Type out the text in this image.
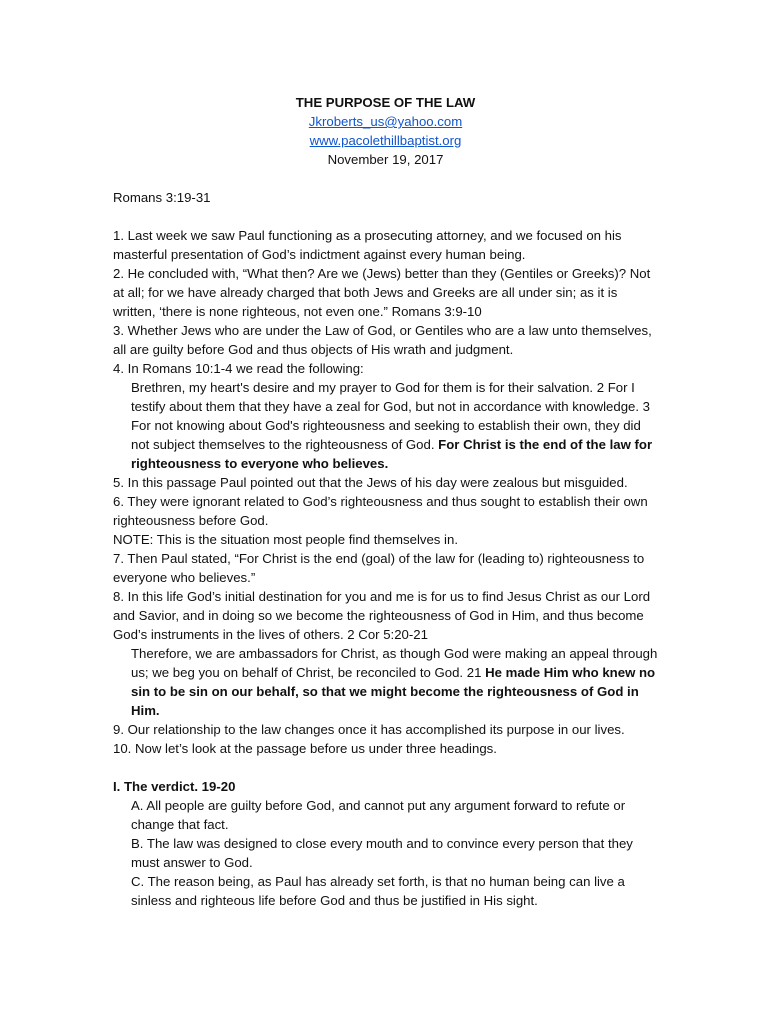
THE PURPOSE OF THE LAW

Jkroberts_us@yahoo.com

www.pacolethillbaptist.org

November 19, 2017

Romans 3:19-31

1. Last week we saw Paul functioning as a prosecuting attorney, and we focused on his masterful presentation of God’s indictment against every human being.

2. He concluded with, “What then? Are we (Jews) better than they (Gentiles or Greeks)? Not at all; for we have already charged that both Jews and Greeks are all under sin; as it is written, ‘there is none righteous, not even one.” Romans 3:9-10

3. Whether Jews who are under the Law of God, or Gentiles who are a law unto themselves, all are guilty before God and thus objects of His wrath and judgment.

4. In Romans 10:1-4 we read the following:

Brethren, my heart's desire and my prayer to God for them is for their salvation. 2 For I testify about them that they have a zeal for God, but not in accordance with knowledge. 3 For not knowing about God's righteousness and seeking to establish their own, they did not subject themselves to the righteousness of God. For Christ is the end of the law for righteousness to everyone who believes.

5. In this passage Paul pointed out that the Jews of his day were zealous but misguided.

6. They were ignorant related to God’s righteousness and thus sought to establish their own righteousness before God.

NOTE: This is the situation most people find themselves in.

7. Then Paul stated, “For Christ is the end (goal) of the law for (leading to) righteousness to everyone who believes.”

8. In this life God’s initial destination for you and me is for us to find Jesus Christ as our Lord and Savior, and in doing so we become the righteousness of God in Him, and thus become God’s instruments in the lives of others. 2 Cor 5:20-21

Therefore, we are ambassadors for Christ, as though God were making an appeal through us; we beg you on behalf of Christ, be reconciled to God. 21 He made Him who knew no sin to be sin on our behalf, so that we might become the righteousness of God in Him.

9. Our relationship to the law changes once it has accomplished its purpose in our lives.

10. Now let’s look at the passage before us under three headings.

I. The verdict. 19-20

A. All people are guilty before God, and cannot put any argument forward to refute or change that fact.

B. The law was designed to close every mouth and to convince every person that they must answer to God.

C. The reason being, as Paul has already set forth, is that no human being can live a sinless and righteous life before God and thus be justified in His sight.
